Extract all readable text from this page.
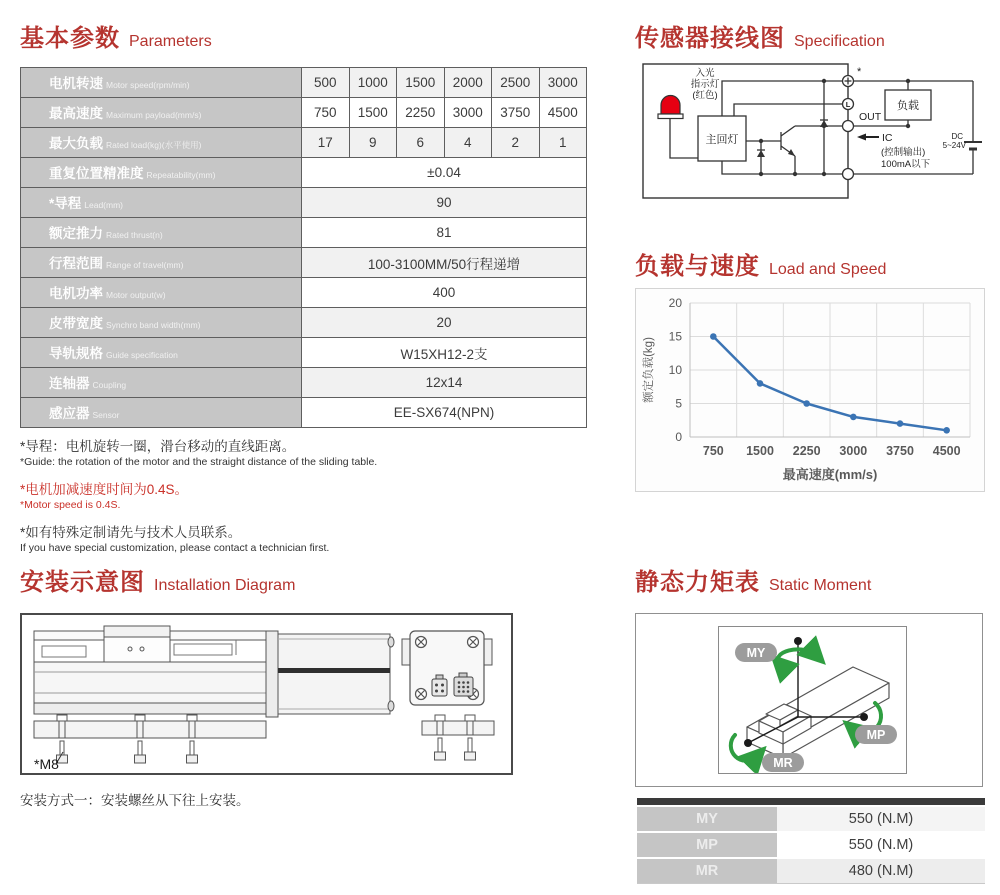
基本参数 Parameters
电机转速 Motor speed(rpm/min)	500	1000	1500	2000	2500	3000
最高速度 Maximum payload(mm/s)	750	1500	2250	3000	3750	4500
最大负载 Rated load(kg)(水平使用)	17	9	6	4	2	1
重复位置精准度 Repeatability(mm)	±0.04					
*导程 Lead(mm)	90					
额定推力 Rated thrust(n)	81					
行程范围 Range of travel(mm)	100-3100MM/50行程递增					
电机功率 Motor output(w)	400					
皮带宽度 Synchro band width(mm)	20					
导轨规格 Guide specification	W15XH12-2支					
连轴器 Coupling	12x14					
感应器 Sensor	EE-SX674(NPN)					
*导程：电机旋转一圈，滑台移动的直线距离。
*Guide: the rotation of the motor and the straight distance of the sliding table.
*电机加减速度时间为0.4S。
*Motor speed is 0.4S.
*如有特殊定制请先与技术人员联系。
If you have special customization, please contact a technician first.
安装示意图 Installation Diagram
*M8
安装方式一：安装螺丝从下往上安装。
传感器接线图 Specification
入光
指示灯
(红色)
主回灯
*
L	负载
OUT
IC
(控制输出)
100mA以下
DC
5~24V
负载与速度 Load and Speed
0
5
10
15
20
750 1500 2250 3000 3750 4500
额定负载(kg)
最高速度(mm/s)
静态力矩表 Static Moment
MY
MP
MR
MY	550 (N.M)
MP	550 (N.M)
MR	480 (N.M)
